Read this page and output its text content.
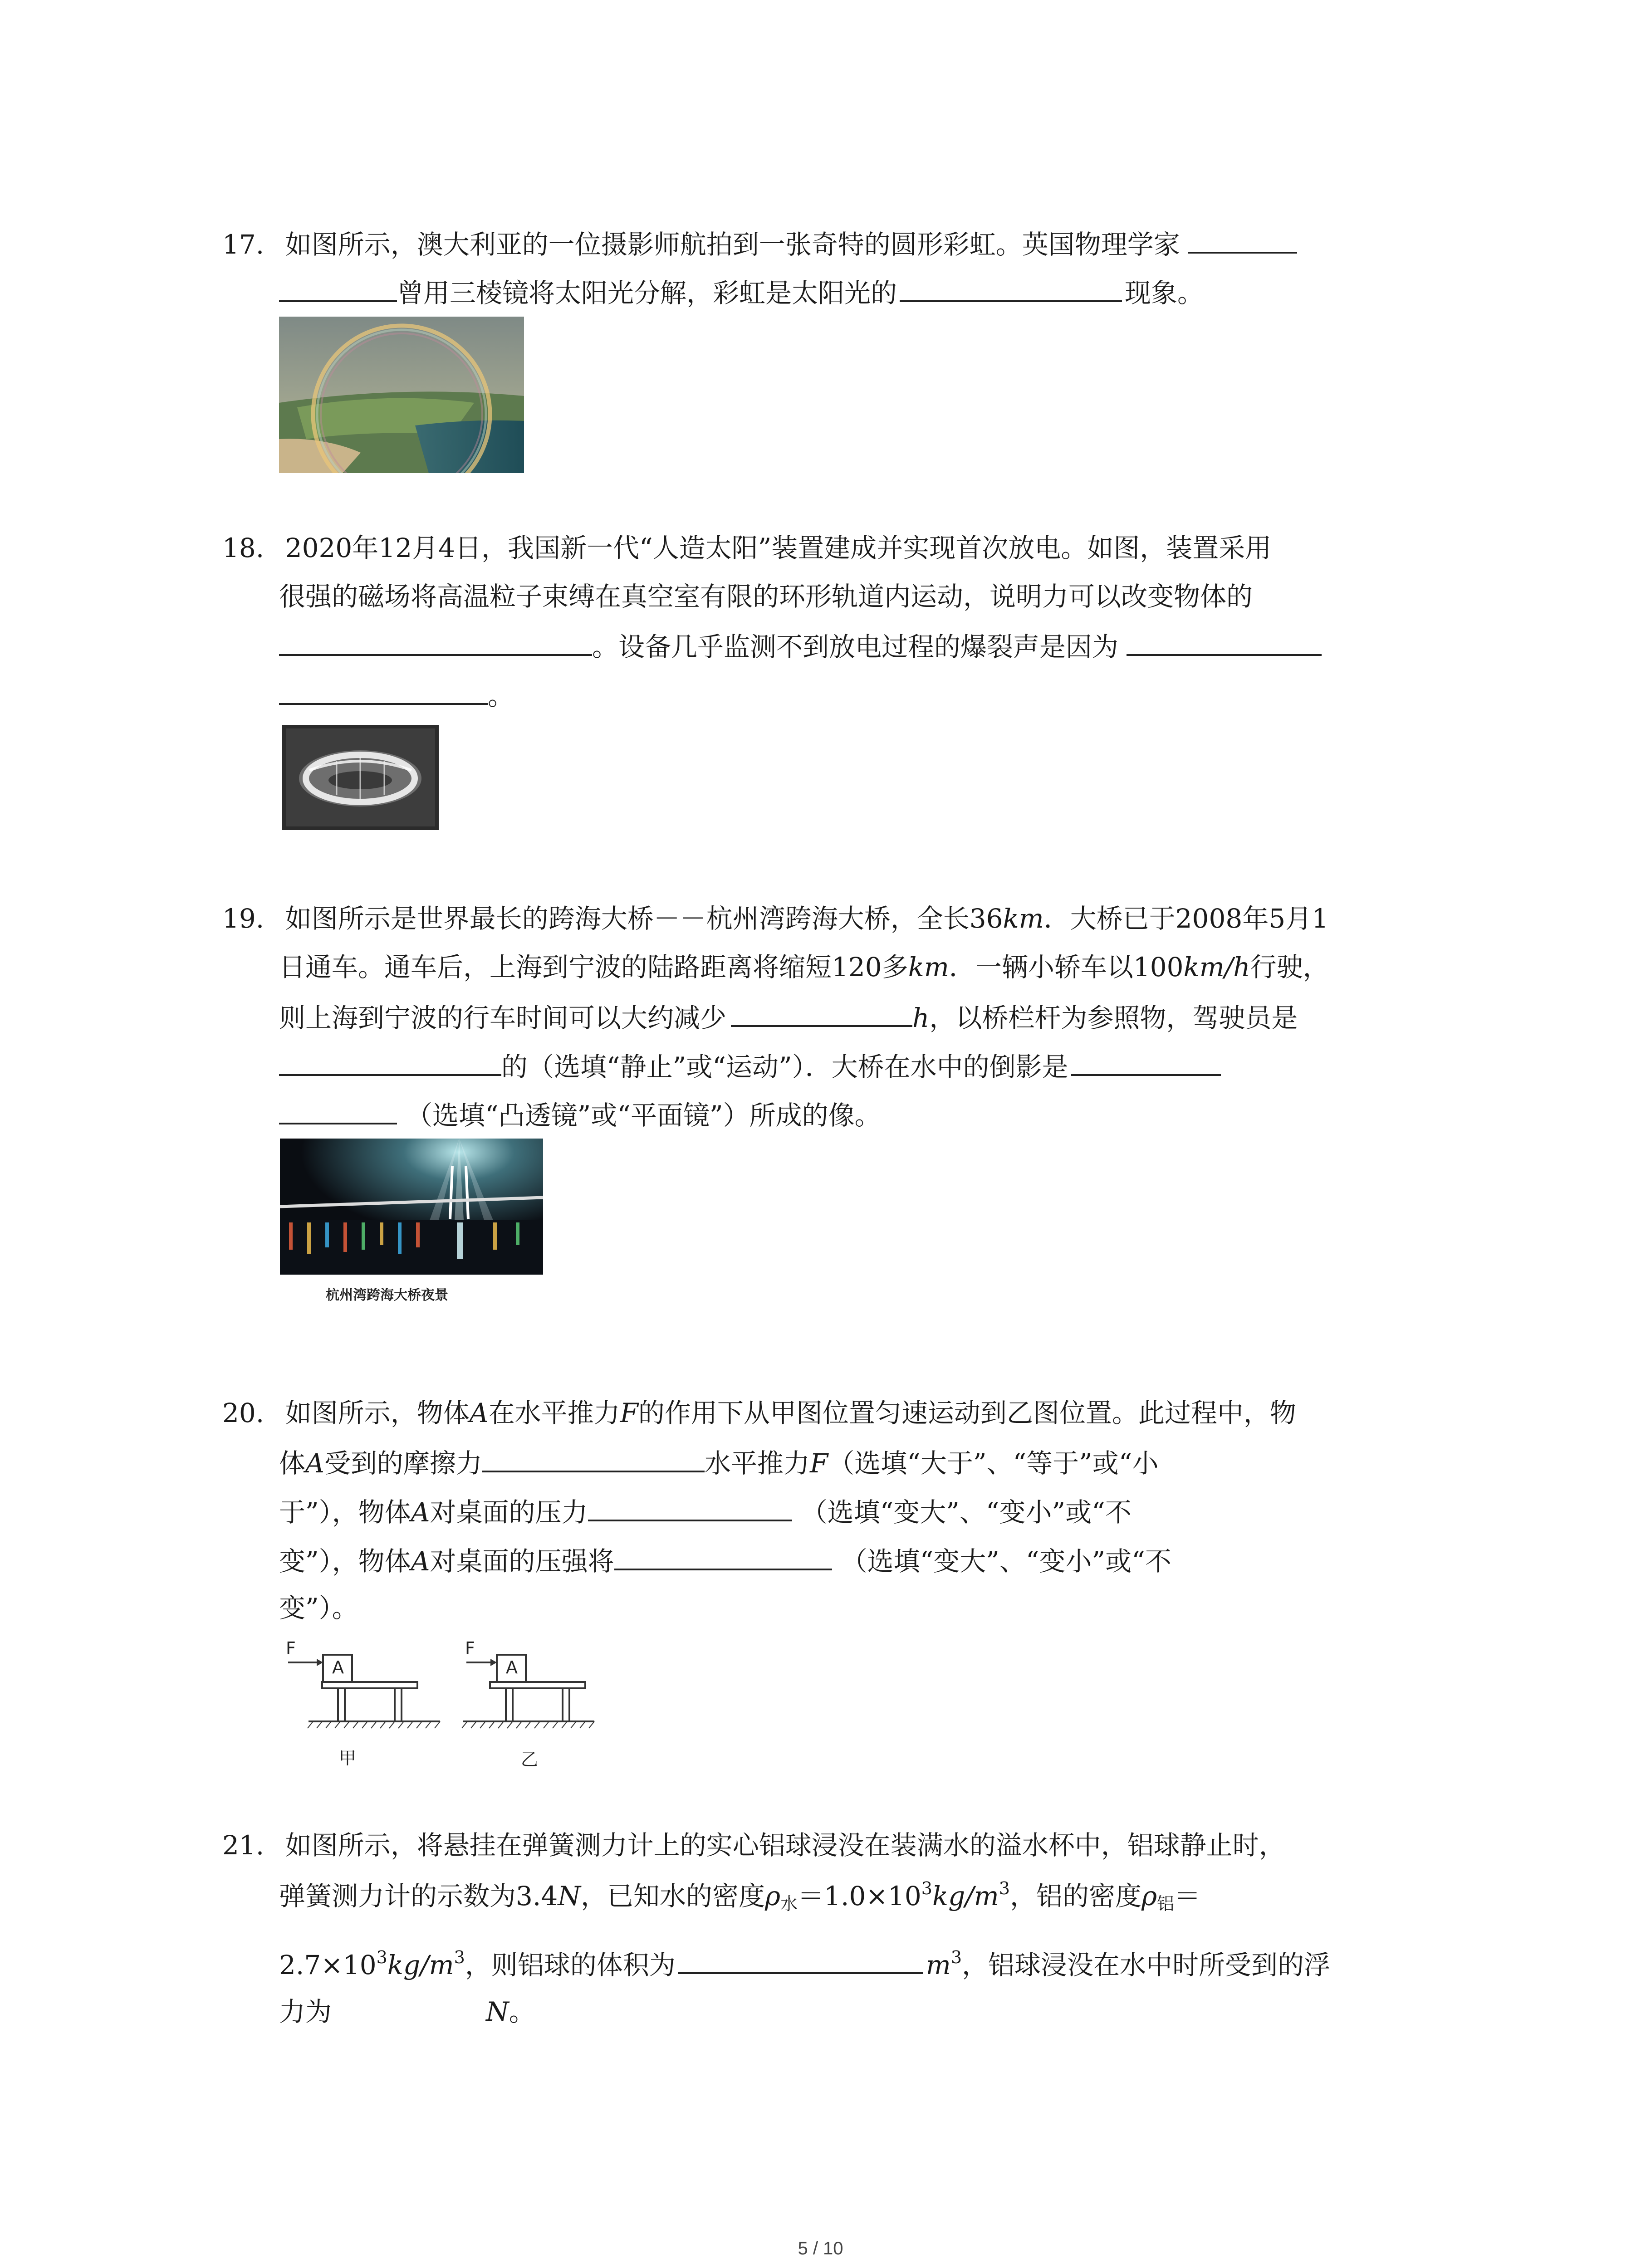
17. 如图所示，澳大利亚的一位摄影师航拍到一张奇特的圆形彩虹。英国物理学家
曾用三棱镜将太阳光分解，彩虹是太阳光的	现象。
18. 2020年12月4日，我国新一代“人造太阳”装置建成并实现首次放电。如图，装置采用
很强的磁场将高温粒子束缚在真空室有限的环形轨道内运动，说明力可以改变物体的
。设备几乎监测不到放电过程的爆裂声是因为
。
19. 如图所示是世界最长的跨海大桥－－杭州湾跨海大桥，全长36km．大桥已于2008年5月1
日通车。通车后，上海到宁波的陆路距离将缩短120多km．一辆小轿车以100km/h行驶，
则上海到宁波的行车时间可以大约减少	h，以桥栏杆为参照物，驾驶员是
的（选填“静止”或“运动”）．大桥在水中的倒影是
（选填“凸透镜”或“平面镜”）所成的像。
杭州湾跨海大桥夜景
20. 如图所示，物体A在水平推力F的作用下从甲图位置匀速运动到乙图位置。此过程中，物
体A受到的摩擦力	水平推力F（选填“大于”、“等于”或“小
于”），物体A对桌面的压力	（选填“变大”、“变小”或“不
变”），物体A对桌面的压强将	（选填“变大”、“变小”或“不
变”）。
F
A
F
A
甲	乙
21. 如图所示，将悬挂在弹簧测力计上的实心铝球浸没在装满水的溢水杯中，铝球静止时，
弹簧测力计的示数为3.4N，已知水的密度$\rho_水=1.0\times 10^3kg/m^3$，铝的密度$\rho_铝=$
$2.7\times 10^3kg/m^3$，则铝球的体积为	$m^3$，铝球浸没在水中时所受到的浮
力为	N。
5 / 10
